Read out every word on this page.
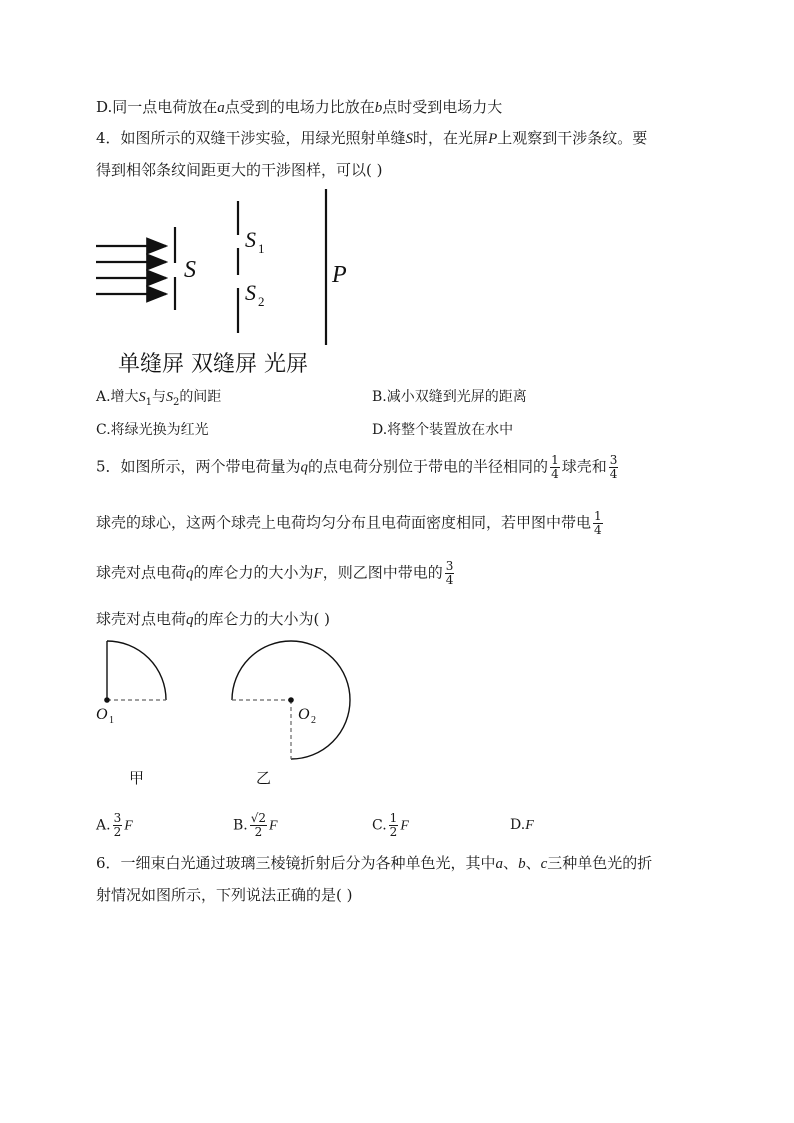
D.同一点电荷放在a点受到的电场力比放在b点时受到电场力大
4．如图所示的双缝干涉实验，用绿光照射单缝S时，在光屏P上观察到干涉条纹。要
得到相邻条纹间距更大的干涉图样，可以( )
S
S 1
S 2
P
单缝屏 双缝屏 光屏
A.增大$S_1$与$S_2$的间距	B.减小双缝到光屏的距离
C.将绿光换为红光	D.将整个装置放在水中
5．如图所示，两个带电荷量为q的点电荷分别位于带电的半径相同的 $\frac{1}{4}$ 球壳和 $\frac{3}{4}$
球壳的球心，这两个球壳上电荷均匀分布且电荷面密度相同，若甲图中带电 $\frac{1}{4}$
球壳对点电荷q的库仑力的大小为F，则乙图中带电的 $\frac{3}{4}$
球壳对点电荷q的库仑力的大小为( )
O 1	O 2
甲	乙
A. $\frac{3}{2}$ F	B. $\frac{√2}{2}$ F	C. $\frac{1}{2}$ F	D.F
6．一细束白光通过玻璃三棱镜折射后分为各种单色光，其中a、b、c三种单色光的折
射情况如图所示，下列说法正确的是( )
